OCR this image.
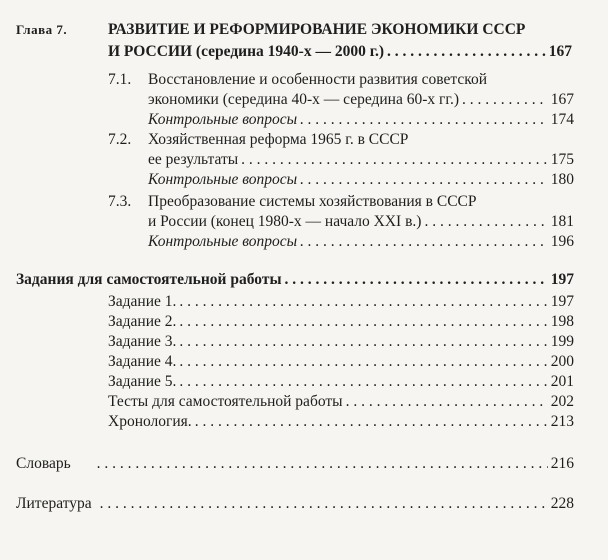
Глава 7.	РАЗВИТИЕ И РЕФОРМИРОВАНИЕ ЭКОНОМИКИ СССР
И РОССИИ (середина 1940-х — 2000 г.) . . .	167
7.1. Восстановление и особенности развития советской
экономики (середина 40-х — середина 60-х гг.) . . .	167
Контрольные вопросы . . .	174
7.2. Хозяйственная реформа 1965 г. в СССР
ее результаты . . .	175
Контрольные вопросы . . .	180
7.3. Преобразование системы хозяйствования в СССР
и России (конец 1980-х — начало XXI в.) . . .	181
Контрольные вопросы . . .	196
Задания для самостоятельной работы . . .	197
Задание 1. . . .	197
Задание 2. . . .	198
Задание 3. . . .	199
Задание 4. . . .	200
Задание 5. . . .	201
Тесты для самостоятельной работы . . .	202
Хронология. . . .	213
Словарь . . .	216
Литература . . .	228
